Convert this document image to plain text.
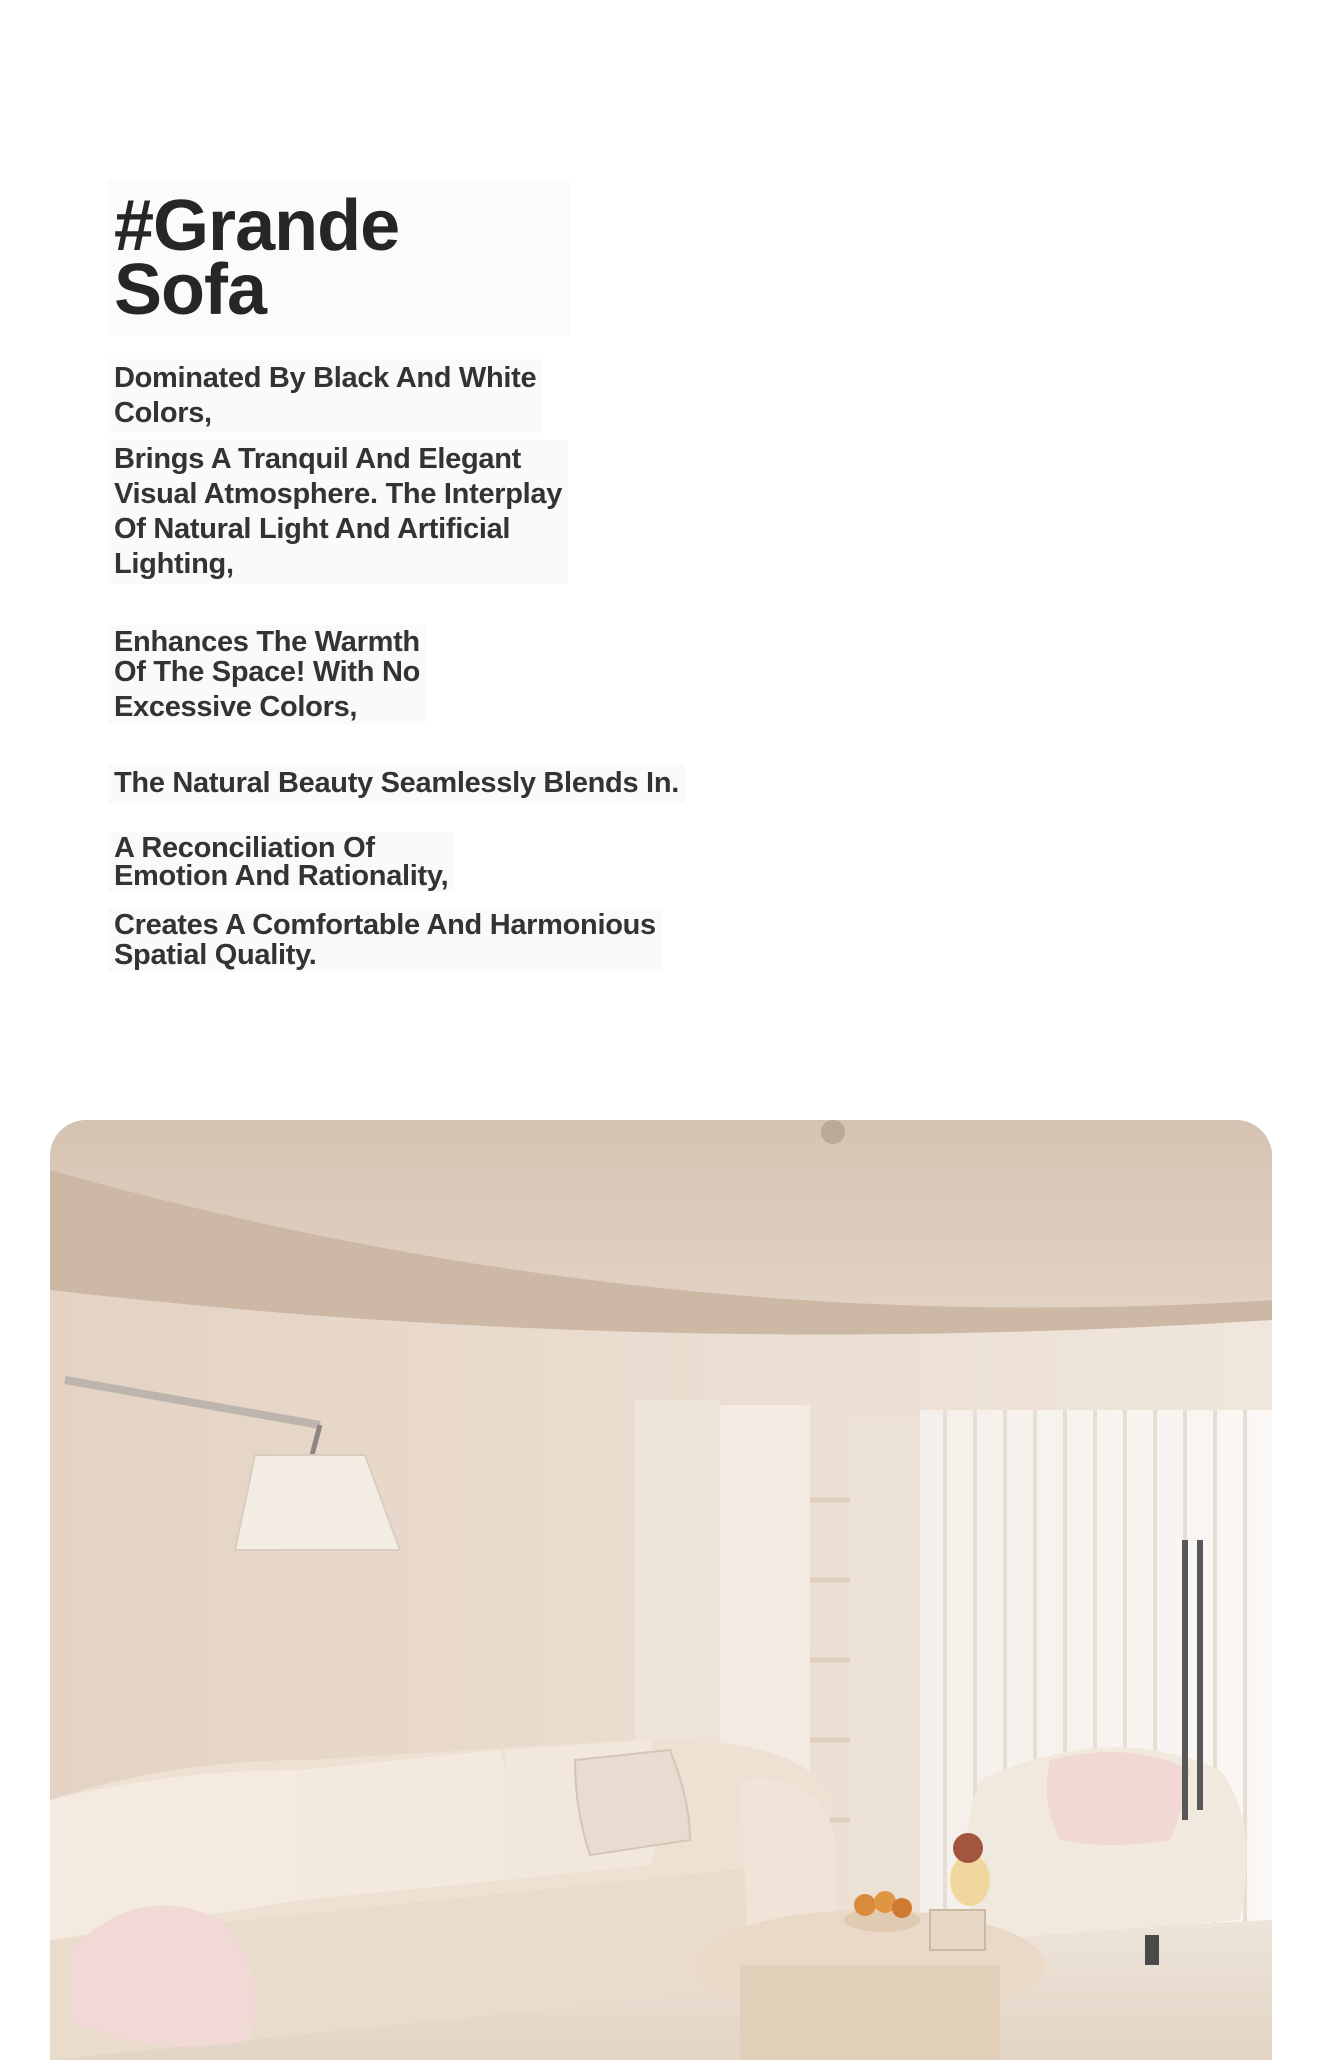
#Grande
Sofa
Dominated By Black And White
Colors,
Brings A Tranquil And Elegant
Visual Atmosphere. The Interplay
Of Natural Light And Artificial
Lighting,
Enhances The Warmth
Of The Space! With No
Excessive Colors,
The Natural Beauty Seamlessly Blends In.
A Reconciliation Of
Emotion And Rationality,
Creates A Comfortable And Harmonious
Spatial Quality.
